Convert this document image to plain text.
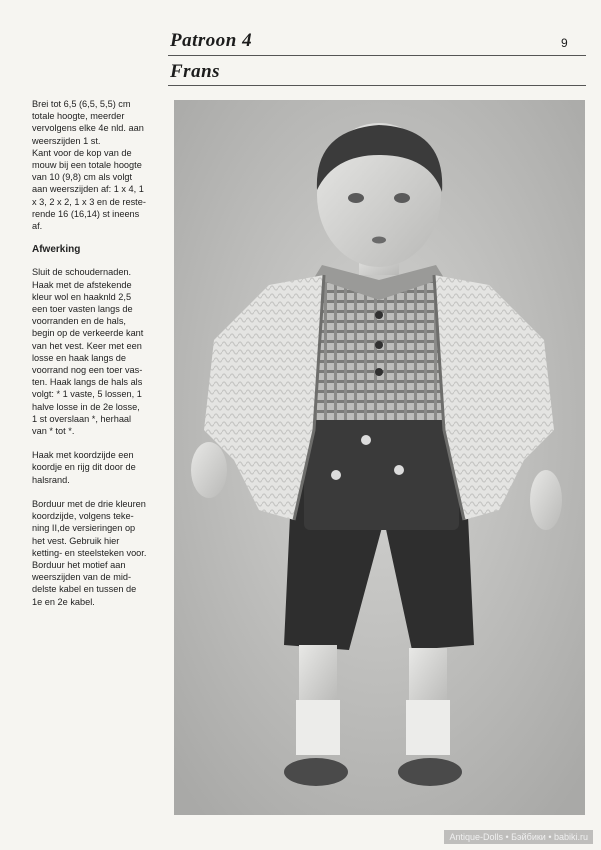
Patroon 4	9
Frans

Brei tot 6,5 (6,5, 5,5) cm
totale hoogte, meerder
vervolgens elke 4e nld. aan
weerszijden 1 st.
Kant voor de kop van de
mouw bij een totale hoogte
van 10 (9,8) cm als volgt
aan weerszijden af: 1 x 4, 1
x 3, 2 x 2, 1 x 3 en de reste-
rende 16 (16,14) st ineens
af.

Afwerking

Sluit de schoudernaden.
Haak met de afstekende
kleur wol en haaknld 2,5
een toer vasten langs de
voorranden en de hals,
begin op de verkeerde kant
van het vest. Keer met een
losse en haak langs de
voorrand nog een toer vas-
ten. Haak langs de hals als
volgt: * 1 vaste, 5 lossen, 1
halve losse in de 2e losse,
1 st overslaan *, herhaal
van * tot *.

Haak met koordzijde een
koordje en rijg dit door de
halsrand.

Borduur met de drie kleuren
koordzijde, volgens teke-
ning II,de versieringen op
het vest. Gebruik hier
ketting- en steelsteken voor.
Borduur het motief aan
weerszijden van de mid-
delste kabel en tussen de
1e en 2e kabel.

Antique-Dolls • Бэйбики • babiki.ru
